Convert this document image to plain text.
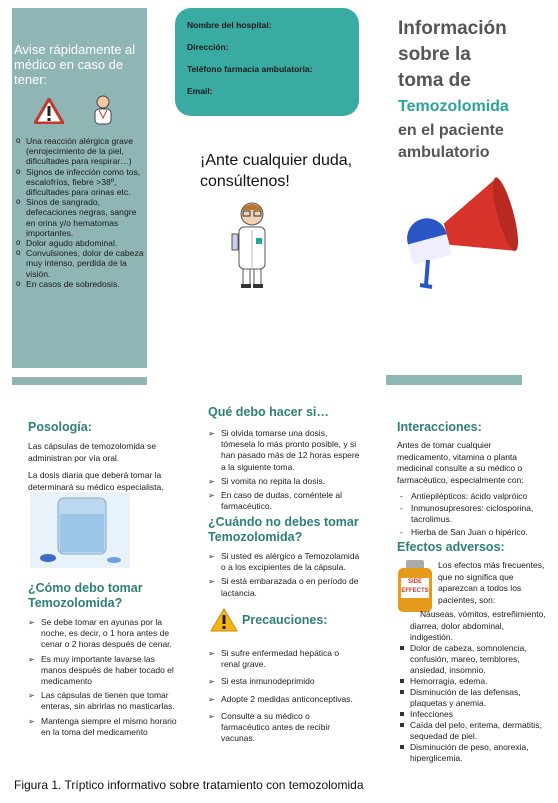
Avise rápidamente al médico en caso de tener:
o Una reacción alérgica grave (enrojecimiento de la piel, dificultades para respirar…)
o Signos de infección como tos, escalofríos, fiebre >38º, dificultades para orinas etc.
o Sinos de sangrado, defecaciones negras, sangre en orina y/o hematomas importantes.
o Dolor agudo abdominal.
o Convulsiones, dolor de cabeza muy intenso, perdida de la visión.
o En casos de sobredosis.
Nombre del hospital:
Dirección:
Teléfono farmacia ambulatoria:
Email:
¡Ante cualquier duda, consúltenos!
Información
sobre la
toma de
Temozolomida
en el paciente
ambulatorio
Posología:
Las cápsulas de temozolomida se administran por vía oral.
La dosis diaria que deberá tomar la determinará su médico especialista.
¿Cómo debo tomar Temozolomida?
➢ Se debe tomar en ayunas por la noche, es decir, o 1 hora antes de cenar o 2 horas después de cenar.
➢ Es muy importante lavarse las manos después de haber tocado el medicamento
➢ Las cápsulas de tienen que tomar enteras, sin abrirlas no masticarlas.
➢ Mantenga siempre el mismo horario en la toma del medicamento
Qué debo hacer si…
➢ Si olvida tomarse una dosis, tómesela lo más pronto posible, y si han pasado más de 12 horas espere a la siguiente toma.
➢ Si vomita no repita la dosis.
➢ En caso de dudas, coméntele al farmacéutico.
¿Cuándo no debes tomar Temozolomida?
➢ Si usted es alérgico a Temozolamida o a los excipientes de la cápsula.
➢ Si está embarazada o en período de lactancia.
Precauciones:
➢ Si sufre enfermedad hepática o renal grave.
➢ Si esta inmunodeprimido
➢ Adopte 2 medidas anticonceptivas.
➢ Consulte a su médico o farmacéutico antes de recibir vacunas.
Interacciones:
Antes de tomar cualquier medicamento, vitamina o planta medicinal consulte a su médico o farmacéutico, especialmente con:
- Antiepilépticos: ácido valpróico
- Inmunosupresores: ciclosporina, tacrolimus.
- Hierba de San Juan o hipérico.
Efectos adversos:
SIDE
EFFECTS
Los efectos más frecuentes, que no significa que aparezcan a todos los pacientes, son:
Náuseas, vómitos, estreñimiento, diarrea, dolor abdominal, indigestión.
Dolor de cabeza, somnolencia, confusión, mareo, temblores, ansiedad, insomnio.
Hemorragia, edema.
Disminución de las defensas, plaquetas y anemia.
Infecciones
Caída del pelo, eritema, dermatitis, sequedad de piel.
Disminución de peso, anorexia, hiperglicemia.
Figura 1. Tríptico informativo sobre tratamiento con temozolomida
